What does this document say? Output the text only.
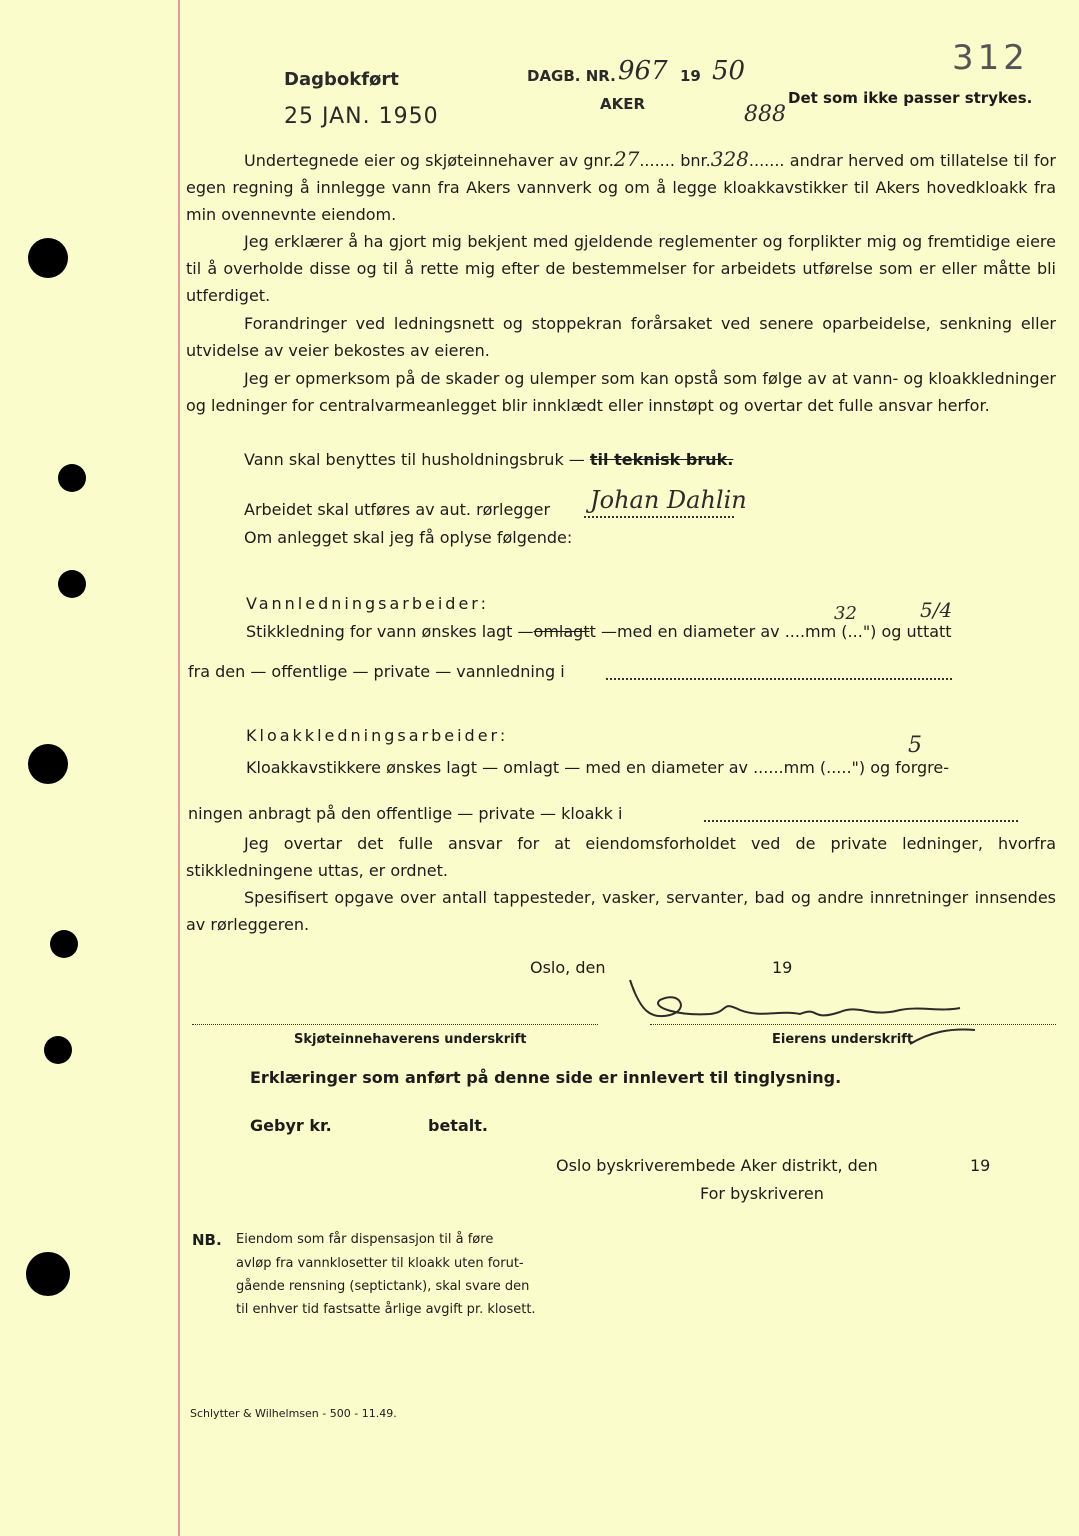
Dagbokført
25 JAN. 1950
DAGB. NR. 967 19 50
AKER	888
312
Det som ikke passer strykes.
Undertegnede eier og skjøteinnehaver av gnr.27....... bnr.328....... andrar herved om tillatelse til for egen regning å innlegge vann fra Akers vannverk og om å legge kloakkavstikker til Akers hovedkloakk fra min ovennevnte eiendom.
Jeg erklærer å ha gjort mig bekjent med gjeldende reglementer og forplikter mig og fremtidige eiere til å overholde disse og til å rette mig efter de bestemmelser for arbeidets utførelse som er eller måtte bli utferdiget.
Forandringer ved ledningsnett og stoppekran forårsaket ved senere oparbeidelse, senkning eller utvidelse av veier bekostes av eieren.
Jeg er opmerksom på de skader og ulemper som kan opstå som følge av at vann- og kloakkledninger og ledninger for centralvarmeanlegget blir innklædt eller innstøpt og overtar det fulle ansvar herfor.
Vann skal benyttes til husholdningsbruk — til teknisk bruk.
Arbeidet skal utføres av aut. rørlegger Johan Dahlin
Om anlegget skal jeg få oplyse følgende:
Vannledningsarbeider:
Stikkledning for vann ønskes lagt —omlagtt —med en diameter av ....mm (...") og uttatt
32	5/4
fra den — offentlige — private — vannledning i
Kloakkledningsarbeider:
Kloakkavstikkere ønskes lagt — omlagt — med en diameter av ......mm (.....") og forgre-
5
ningen anbragt på den offentlige — private — kloakk i
Jeg overtar det fulle ansvar for at eiendomsforholdet ved de private ledninger, hvorfra stikkledningene uttas, er ordnet.
Spesifisert opgave over antall tappesteder, vasker, servanter, bad og andre innretninger innsendes av rørleggeren.
Oslo, den	19
Skjøteinnehaverens underskrift	Eierens underskrift
Erklæringer som anført på denne side er innlevert til tinglysning.
Gebyr kr.	betalt.
Oslo byskriverembede Aker distrikt, den	19
For byskriveren
NB. Eiendom som får dispensasjon til å føre
avløp fra vannklosetter til kloakk uten forut-
gående rensning (septictank), skal svare den
til enhver tid fastsatte årlige avgift pr. klosett.
Schlytter & Wilhelmsen - 500 - 11.49.
